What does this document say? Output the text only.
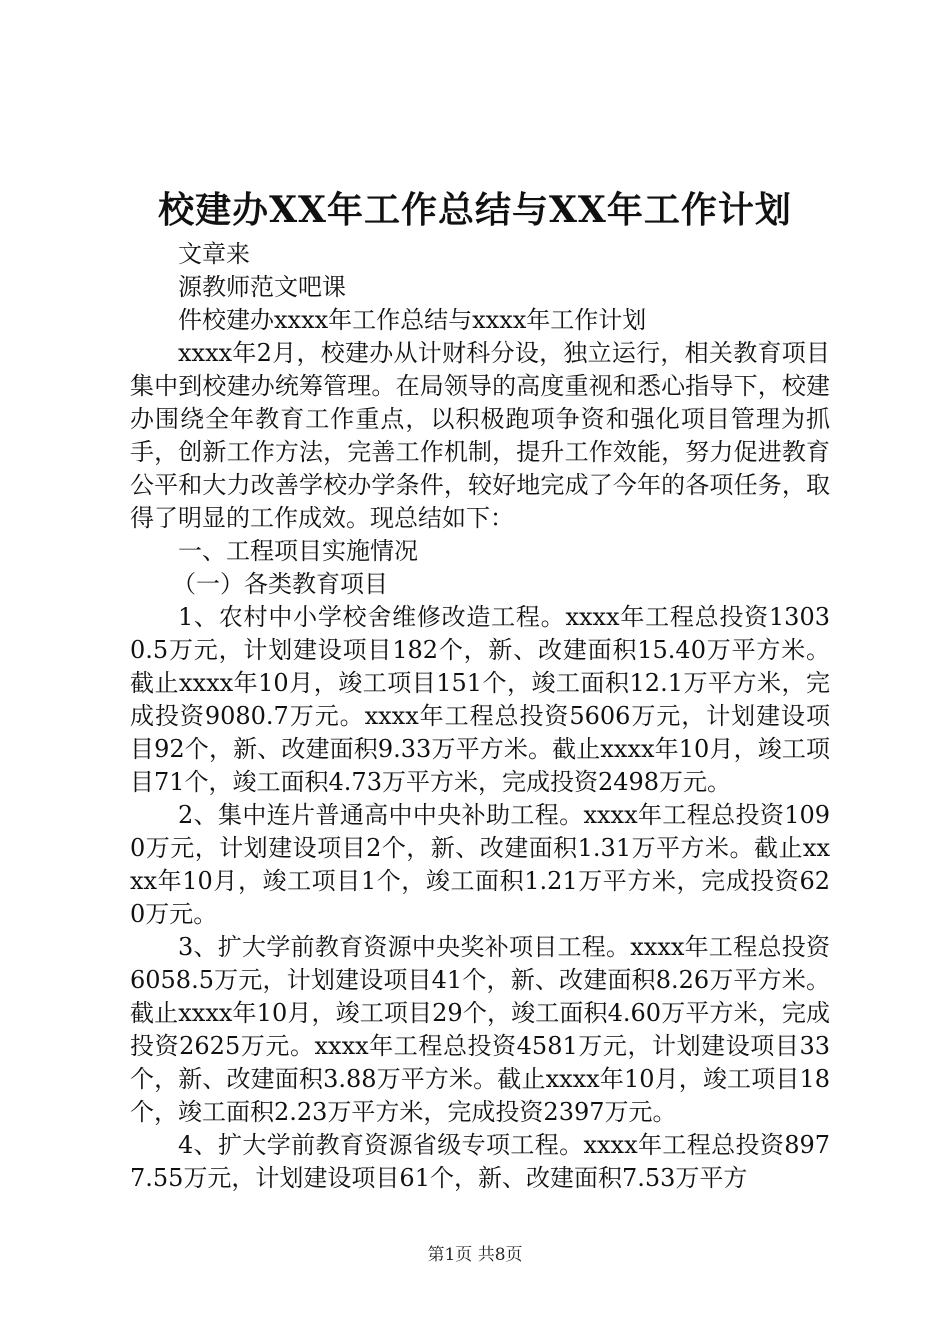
校建办XX年工作总结与XX年工作计划

文章来

源教师范文吧课

件校建办xxxx年工作总结与xxxx年工作计划

xxxx年2月，校建办从计财科分设，独立运行，相关教育项目集中到校建办统筹管理。在局领导的高度重视和悉心指导下，校建办围绕全年教育工作重点，以积极跑项争资和强化项目管理为抓手，创新工作方法，完善工作机制，提升工作效能，努力促进教育公平和大力改善学校办学条件，较好地完成了今年的各项任务，取得了明显的工作成效。现总结如下：

一、工程项目实施情况

（一）各类教育项目

1、农村中小学校舍维修改造工程。xxxx年工程总投资13030.5万元，计划建设项目182个，新、改建面积15.40万平方米。截止xxxx年10月，竣工项目151个，竣工面积12.1万平方米，完成投资9080.7万元。xxxx年工程总投资5606万元，计划建设项目92个，新、改建面积9.33万平方米。截止xxxx年10月，竣工项目71个，竣工面积4.73万平方米，完成投资2498万元。

2、集中连片普通高中中央补助工程。xxxx年工程总投资1090万元，计划建设项目2个，新、改建面积1.31万平方米。截止xxxx年10月，竣工项目1个，竣工面积1.21万平方米，完成投资620万元。

3、扩大学前教育资源中央奖补项目工程。xxxx年工程总投资6058.5万元，计划建设项目41个，新、改建面积8.26万平方米。截止xxxx年10月，竣工项目29个，竣工面积4.60万平方米，完成投资2625万元。xxxx年工程总投资4581万元，计划建设项目33个，新、改建面积3.88万平方米。截止xxxx年10月，竣工项目18个，竣工面积2.23万平方米，完成投资2397万元。

4、扩大学前教育资源省级专项工程。xxxx年工程总投资8977.55万元，计划建设项目61个，新、改建面积7.53万平方

第1页 共8页
